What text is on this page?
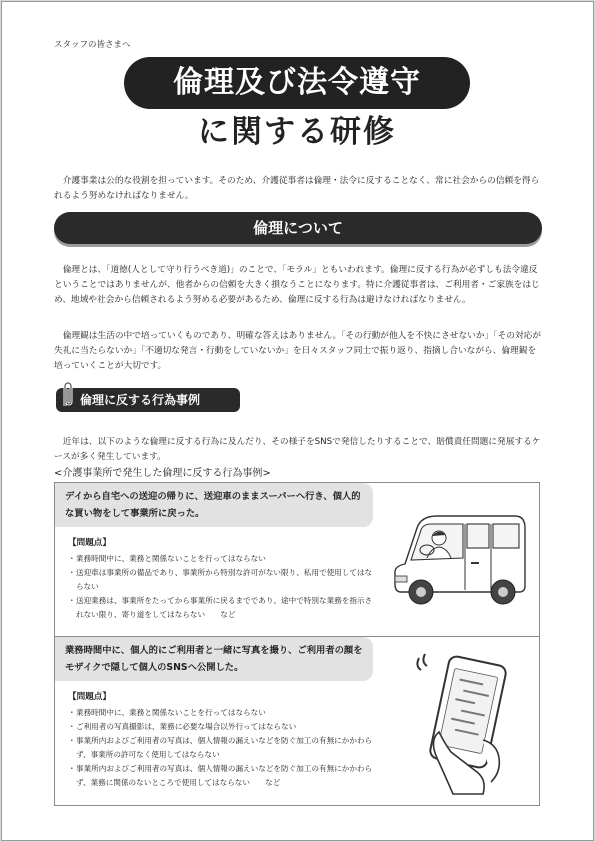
スタッフの皆さまへ
倫理及び法令遵守
に関する研修

介護事業は公的な役割を担っています。そのため、介護従事者は倫理・法令に反することなく、常に社会からの信頼を得られるよう努めなければなりません。

倫理について

倫理とは、「道徳(人として守り行うべき道)」のことで、「モラル」ともいわれます。倫理に反する行為が必ずしも法令違反ということではありませんが、他者からの信頼を大きく損なうことになります。特に介護従事者は、ご利用者・ご家族をはじめ、地域や社会から信頼されるよう努める必要があるため、倫理に反する行為は避けなければなりません。

倫理観は生活の中で培っていくものであり、明確な答えはありません。「その行動が他人を不快にさせないか」「その対応が失礼に当たらないか」「不適切な発言・行動をしていないか」を日々スタッフ同士で振り返り、指摘し合いながら、倫理観を培っていくことが大切です。

倫理に反する行為事例

近年は、以下のような倫理に反する行為に及んだり、その様子をSNSで発信したりすることで、賠償責任問題に発展するケースが多く発生しています。

<介護事業所で発生した倫理に反する行為事例>
デイから自宅への送迎の帰りに、送迎車のままスーパーへ行き、個人的な買い物をして事業所に戻った。
【問題点】
・ 業務時間中に、業務と関係ないことを行ってはならない
・ 送迎車は事業所の備品であり、事業所から特別な許可がない限り、私用で使用してはならない
・ 送迎業務は、事業所をたってから事業所に戻るまでであり、途中で特別な業務を指示されない限り、寄り道をしてはならない　　など
業務時間中に、個人的にご利用者と一緒に写真を撮り、ご利用者の顔をモザイクで隠して個人のSNSへ公開した。
【問題点】
・ 業務時間中に、業務と関係ないことを行ってはならない
・ ご利用者の写真撮影は、業務に必要な場合以外行ってはならない
・ 事業所内およびご利用者の写真は、個人情報の漏えいなどを防ぐ加工の有無にかかわらず、事業所の許可なく使用してはならない
・ 事業所内およびご利用者の写真は、個人情報の漏えいなどを防ぐ加工の有無にかかわらず、業務に関係のないところで使用してはならない　　など
